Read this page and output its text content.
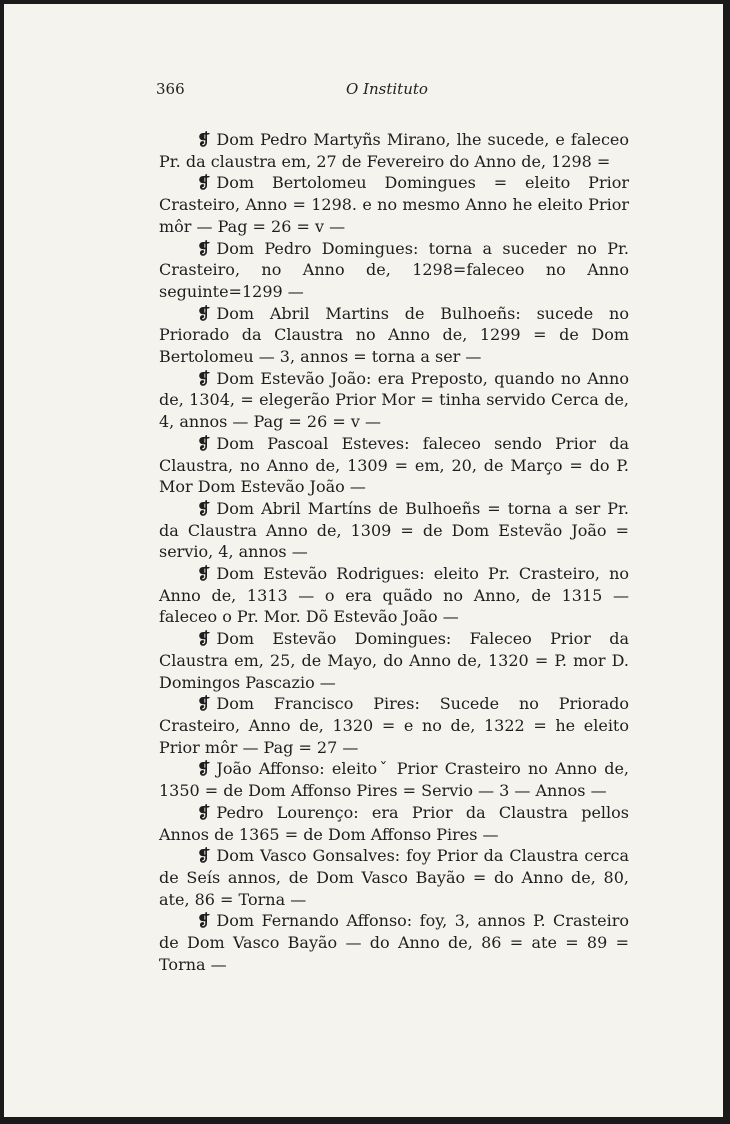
366	O Instituto

❡ Dom Pedro Martyñs Mirano, lhe sucede, e faleceo Pr. da claustra em, 27 de Fevereiro do Anno de, 1298 =

❡ Dom Bertolomeu Domingues = eleito Prior Crasteiro, Anno = 1298. e no mesmo Anno he eleito Prior môr — Pag = 26 = v —

❡ Dom Pedro Domingues: torna a suceder no Pr. Crasteiro, no Anno de, 1298=faleceo no Anno seguinte=1299 —

❡ Dom Abril Martins de Bulhoeñs: sucede no Priorado da Claustra no Anno de, 1299 = de Dom Bertolomeu — 3, annos = torna a ser —

❡ Dom Estevão João: era Preposto, quando no Anno de, 1304, = elegerão Prior Mor = tinha servido Cerca de, 4, annos — Pag = 26 = v —

❡ Dom Pascoal Esteves: faleceo sendo Prior da Claustra, no Anno de, 1309 = em, 20, de Março = do P. Mor Dom Estevão João —

❡ Dom Abril Martíns de Bulhoeñs = torna a ser Pr. da Claustra Anno de, 1309 = de Dom Estevão João = servio, 4, annos —

❡ Dom Estevão Rodrigues: eleito Pr. Crasteiro, no Anno de, 1313 — o era quãdo no Anno, de 1315 — faleceo o Pr. Mor. Dõ Estevão João —

❡ Dom Estevão Domingues: Faleceo Prior da Claustra em, 25, de Mayo, do Anno de, 1320 = P. mor D. Domingos Pascazio —

❡ Dom Francisco Pires: Sucede no Priorado Crasteiro, Anno de, 1320 = e no de, 1322 = he eleito Prior môr — Pag = 27 —

❡ João Affonso: eleitoˇ Prior Crasteiro no Anno de, 1350 = de Dom Affonso Pires = Servio — 3 — Annos —

❡ Pedro Lourenço: era Prior da Claustra pellos Annos de 1365 = de Dom Affonso Pires —

❡ Dom Vasco Gonsalves: foy Prior da Claustra cerca de Seís annos, de Dom Vasco Bayão = do Anno de, 80, ate, 86 = Torna —

❡ Dom Fernando Affonso: foy, 3, annos P. Crasteiro de Dom Vasco Bayão — do Anno de, 86 = ate = 89 = Torna —
